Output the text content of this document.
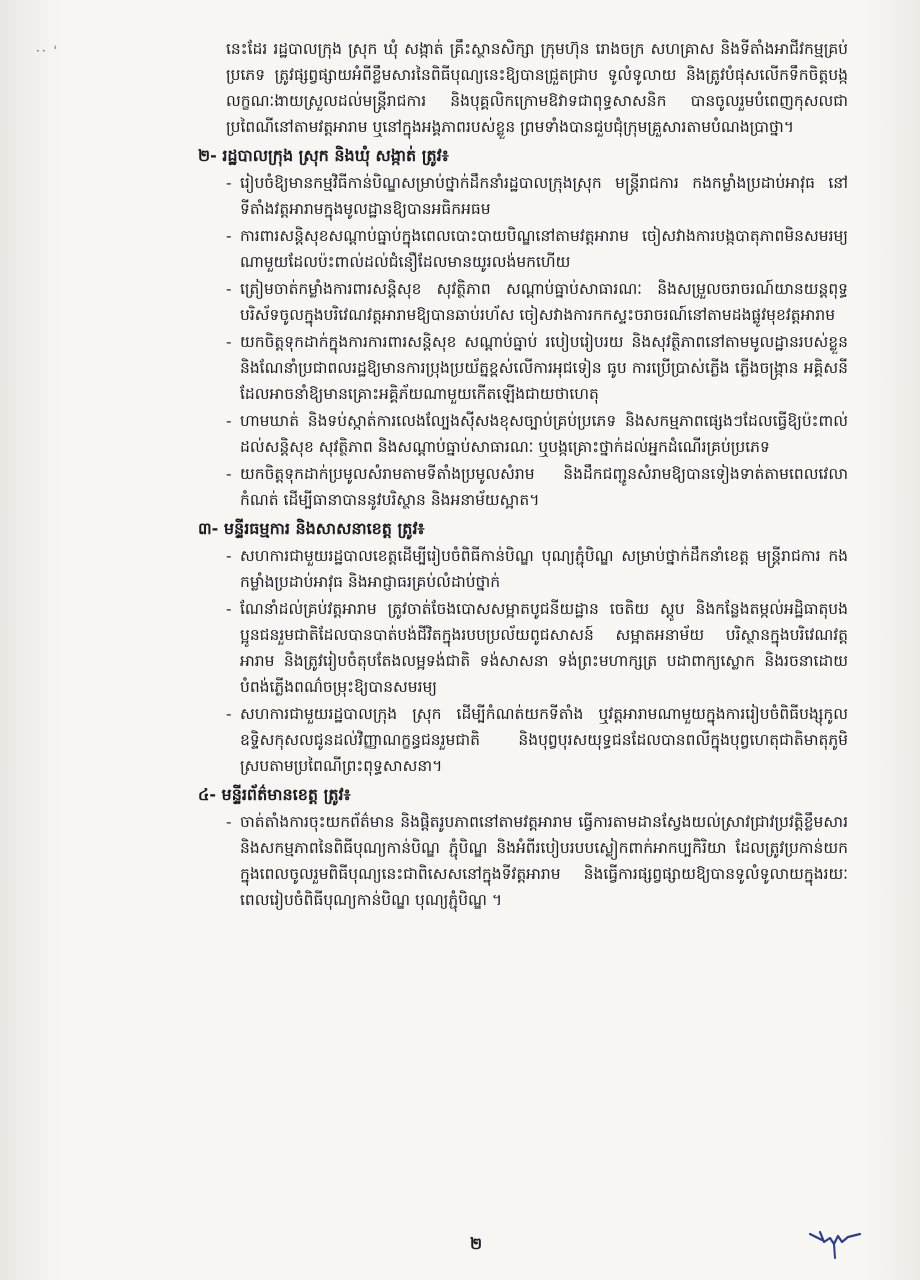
·· ˈ	នេះដែរ រដ្ឋបាលក្រុង ស្រុក ឃុំ សង្កាត់ គ្រឹះស្ថានសិក្សា ក្រុមហ៊ុន រោងចក្រ សហគ្រាស និងទីតាំងអាជីវកម្មគ្រប់ប្រភេទ ត្រូវផ្សព្វផ្សាយអំពីខ្លឹមសារនៃពិធីបុណ្យនេះឱ្យបានជ្រួតជ្រាប ទូលំទូលាយ និងត្រូវបំផុសលើកទឹកចិត្តបង្កលក្ខណៈងាយស្រួលដល់មន្ត្រីរាជការ និងបុគ្គលិកក្រោមឱវាទជាពុទ្ធសាសនិក បានចូលរួមបំពេញកុសលជាប្រពៃណីនៅតាមវត្តអារាម ឬនៅក្នុងអង្គភាពរបស់ខ្លួន ព្រមទាំងបានជួបជុំក្រុមគ្រួសារតាមបំណងប្រាថ្នា។

២- រដ្ឋបាលក្រុង ស្រុក និងឃុំ សង្កាត់ ត្រូវ៖
- រៀបចំឱ្យមានកម្មវិធីកាន់បិណ្ឌសម្រាប់ថ្នាក់ដឹកនាំរដ្ឋបាលក្រុងស្រុក មន្ត្រីរាជការ កងកម្លាំងប្រដាប់អាវុធ នៅទីតាំងវត្តអារាមក្នុងមូលដ្ឋានឱ្យបានអធិកអធម
- ការពារសន្តិសុខសណ្តាប់ធ្នាប់ក្នុងពេលបោះបាយបិណ្ឌនៅតាមវត្តអារាម ចៀសវាងការបង្កបាតុភាពមិនសមរម្យណាមួយដែលប៉ះពាល់ដល់ជំនឿដែលមានយូរលង់មកហើយ
- ត្រៀមចាត់កម្លាំងការពារសន្តិសុខ សុវត្ថិភាព សណ្តាប់ធ្នាប់សាធារណៈ និងសម្រួលចរាចរណ៍យានយន្តពុទ្ធបរិស័ទចូលក្នុងបរិវេណវត្តអារាមឱ្យបានឆាប់រហ័ស ចៀសវាងការកកស្ទះចរាចរណ៍នៅតាមដងផ្លូវមុខវត្តអារាម
- យកចិត្តទុកដាក់ក្នុងការការពារសន្តិសុខ សណ្តាប់ធ្នាប់ របៀបរៀបរយ និងសុវត្ថិភាពនៅតាមមូលដ្ឋានរបស់ខ្លួន និងណែនាំប្រជាពលរដ្ឋឱ្យមានការប្រុងប្រយ័ត្នខ្ពស់លើការអុជទៀន ធូប ការប្រើប្រាស់ភ្លើង ភ្លើងចង្ក្រាន អគ្គិសនី ដែលអាចនាំឱ្យមានគ្រោះអគ្គិភ័យណាមួយកើតឡើងជាយថាហេតុ
- ហាមឃាត់ និងទប់ស្កាត់ការលេងល្បែងស៊ីសងខុសច្បាប់គ្រប់ប្រភេទ និងសកម្មភាពផ្សេងៗដែលធ្វើឱ្យប៉ះពាល់ដល់សន្តិសុខ សុវត្ថិភាព និងសណ្តាប់ធ្នាប់សាធារណៈ ឬបង្កគ្រោះថ្នាក់ដល់អ្នកដំណើរគ្រប់ប្រភេទ
- យកចិត្តទុកដាក់ប្រមូលសំរាមតាមទីតាំងប្រមូលសំរាម និងដឹកជញ្ជូនសំរាមឱ្យបានទៀងទាត់តាមពេលវេលាកំណត់ ដើម្បីធានាបាននូវបរិស្ថាន និងអនាម័យស្អាត។
៣- មន្ទីរធម្មការ និងសាសនាខេត្ត ត្រូវ៖
- សហការជាមួយរដ្ឋបាលខេត្តដើម្បីរៀបចំពិធីកាន់បិណ្ឌ បុណ្យភ្ជុំបិណ្ឌ សម្រាប់ថ្នាក់ដឹកនាំខេត្ត មន្ត្រីរាជការ កងកម្លាំងប្រដាប់អាវុធ និងអាជ្ញាធរគ្រប់លំដាប់ថ្នាក់
- ណែនាំដល់គ្រប់វត្តអារាម ត្រូវចាត់ចែងបោសសម្អាតបូជនីយដ្ឋាន ចេតិយ ស្តូប និងកន្លែងតម្កល់អដ្ឋិធាតុបងប្អូនជនរួមជាតិដែលបានបាត់បង់ជីវិតក្នុងរបបប្រល័យពូជសាសន៍ សម្អាតអនាម័យ បរិស្ថានក្នុងបរិវេណវត្តអារាម និងត្រូវរៀបចំតុបតែងលម្អទង់ជាតិ ទង់សាសនា ទង់ព្រះមហាក្សត្រ បដាពាក្យស្លោក និងរចនាដោយបំពង់ភ្លើងពណ៌ចម្រុះឱ្យបានសមរម្យ
- សហការជាមួយរដ្ឋបាលក្រុង ស្រុក ដើម្បីកំណត់យកទីតាំង ឬវត្តអារាមណាមួយក្នុងការរៀបចំពិធីបង្សុកូលឧទ្ទិសកុសលជូនដល់វិញ្ញាណក្ខន្ធជនរួមជាតិ និងបុព្វបុរសយុទ្ធជនដែលបានពលីក្នុងបុព្វហេតុជាតិមាតុភូមិ ស្របតាមប្រពៃណីព្រះពុទ្ធសាសនា។
៤- មន្ទីរព័ត៌មានខេត្ត ត្រូវ៖
- ចាត់តាំងការចុះយកព័ត៌មាន និងផ្តិតរូបភាពនៅតាមវត្តអារាម ធ្វើការតាមដានស្វែងយល់ស្រាវជ្រាវប្រវត្តិខ្លឹមសារនិងសកម្មភាពនៃពិធីបុណ្យកាន់បិណ្ឌ ភ្ជុំបិណ្ឌ និងអំពីរបៀបរបបស្លៀកពាក់អាកប្បកិរិយា ដែលត្រូវប្រកាន់យកក្នុងពេលចូលរួមពិធីបុណ្យនេះជាពិសេសនៅក្នុងទីវត្តអារាម និងធ្វើការផ្សព្វផ្សាយឱ្យបានទូលំទូលាយក្នុងរយៈពេលរៀបចំពិធីបុណ្យកាន់បិណ្ឌ បុណ្យភ្ជុំបិណ្ឌ ។
២
